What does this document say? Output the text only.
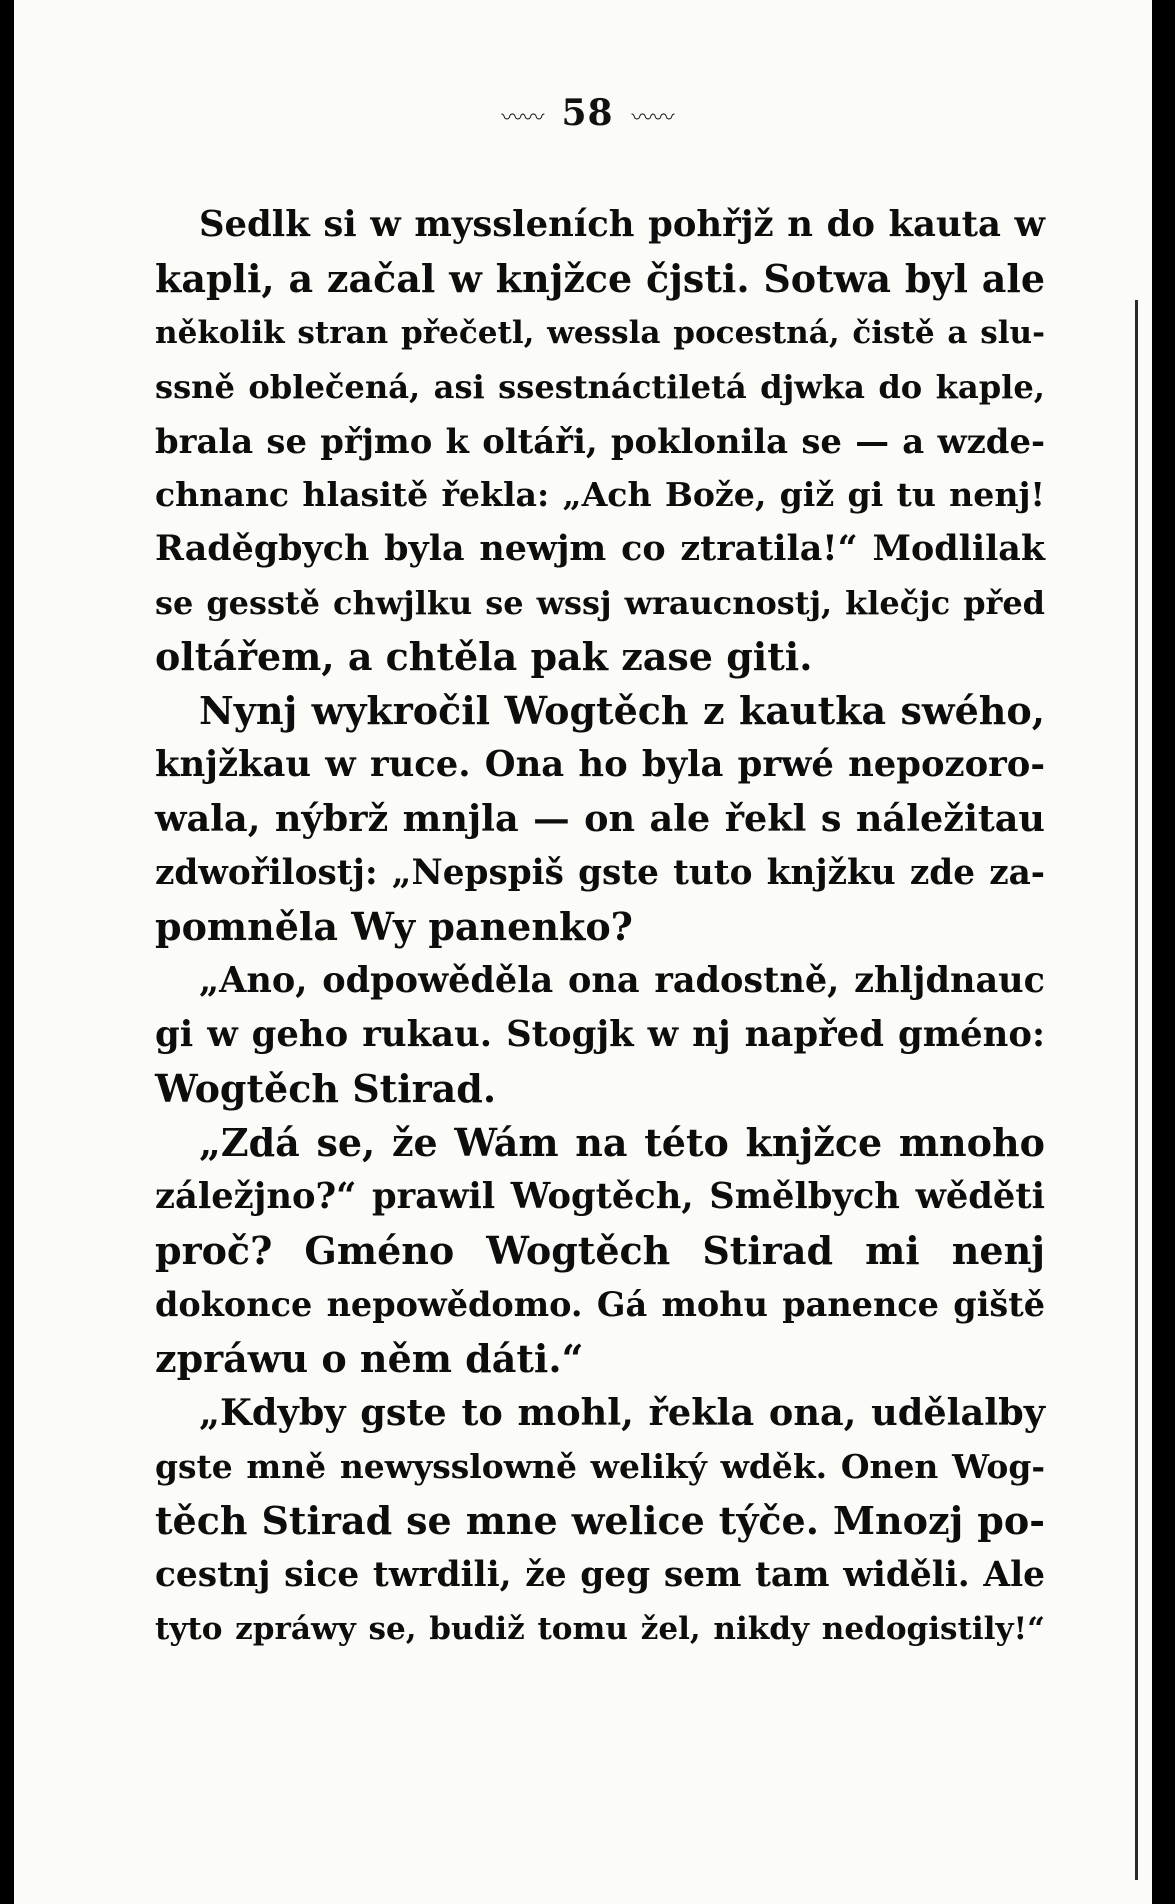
〰〰 58 〰〰
Sedlk si w myssleních pohřjž n do kauta w
kapli, a začal w knjžce čjsti. Sotwa byl ale
několik stran přečetl, wessla pocestná, čistě a slu-
ssně oblečená, asi ssestnáctiletá djwka do kaple,
brala se přjmo k oltáři, poklonila se — a wzde-
chnanc hlasitě řekla: „Ach Bože, giž gi tu nenj!
Raděgbych byla newjm co ztratila!“ Modlilak
se gesstě chwjlku se wssj wraucnostj, klečjc před
oltářem, a chtěla pak zase giti.
Nynj wykročil Wogtěch z kautka swého,
knjžkau w ruce. Ona ho byla prwé nepozoro-
wala, nýbrž mnjla — on ale řekl s náležitau
zdwořilostj: „Nepspiš gste tuto knjžku zde za-
pomněla Wy panenko?
„Ano, odpowěděla ona radostně, zhljdnauc
gi w geho rukau. Stogjk w nj napřed gméno:
Wogtěch Stirad.
„Zdá se, že Wám na této knjžce mnoho
záležjno?“ prawil Wogtěch, Smělbych wěděti
proč? Gméno Wogtěch Stirad mi nenj
dokonce nepowědomo. Gá mohu panence giště
zpráwu o něm dáti.“
„Kdyby gste to mohl, řekla ona, udělalby
gste mně newysslowně weliký wděk. Onen Wog-
těch Stirad se mne welice týče. Mnozj po-
cestnj sice twrdili, že geg sem tam widěli. Ale
tyto zpráwy se, budiž tomu žel, nikdy nedogistily!“
